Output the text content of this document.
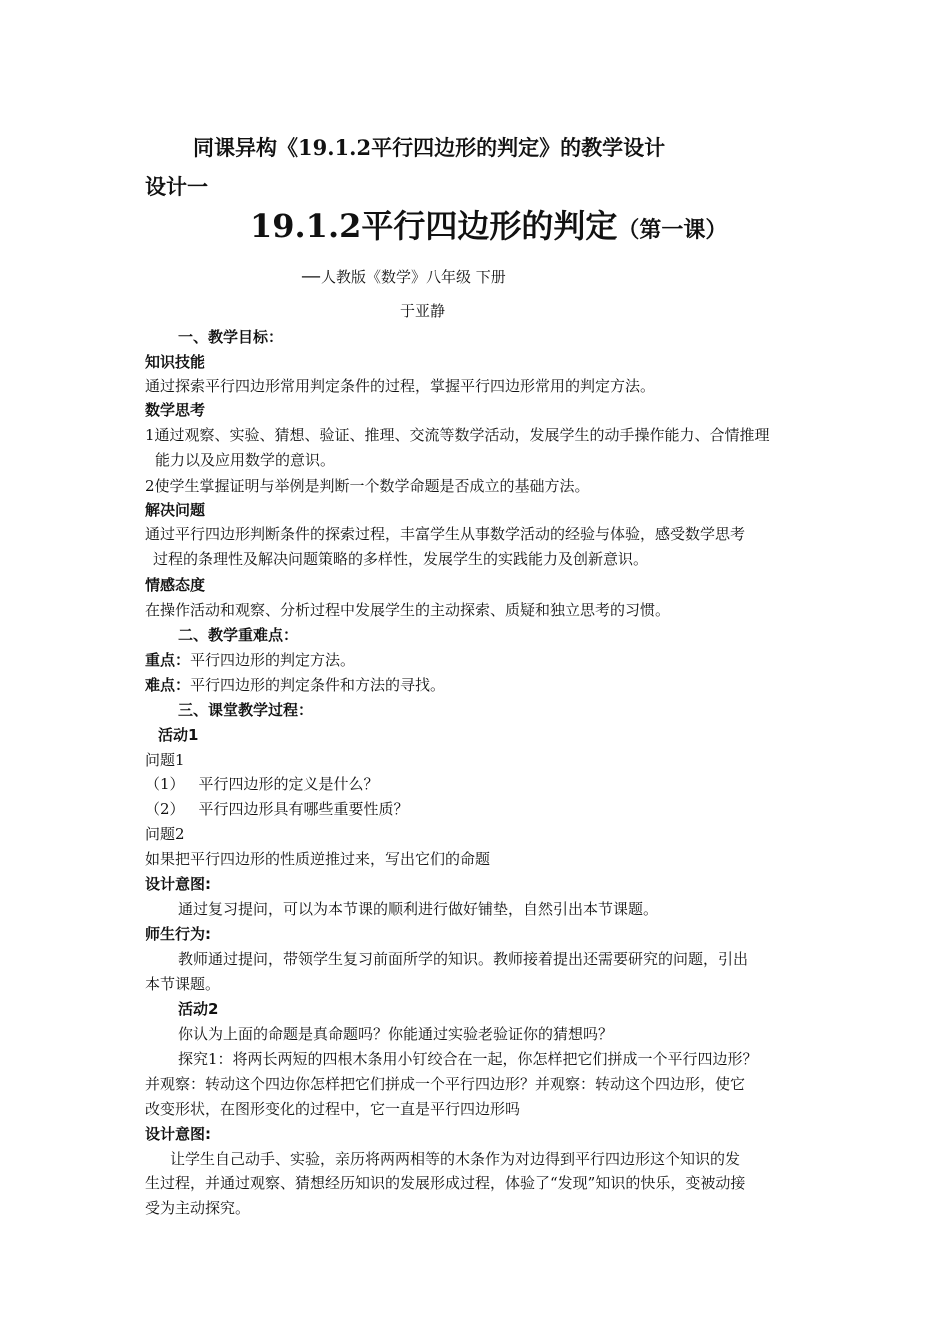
同课异构《19.1.2平行四边形的判定》的教学设计
设计一
19.1.2平行四边形的判定（第一课）
—人教版《数学》八年级 下册
于亚静
一、教学目标：
知识技能
通过探索平行四边形常用判定条件的过程，掌握平行四边形常用的判定方法。
数学思考
1通过观察、实验、猜想、验证、推理、交流等数学活动，发展学生的动手操作能力、合情推理
能力以及应用数学的意识。
2使学生掌握证明与举例是判断一个数学命题是否成立的基础方法。
解决问题
通过平行四边形判断条件的探索过程，丰富学生从事数学活动的经验与体验，感受数学思考
过程的条理性及解决问题策略的多样性，发展学生的实践能力及创新意识。
情感态度
在操作活动和观察、分析过程中发展学生的主动探索、质疑和独立思考的习惯。
二、教学重难点：
重点：平行四边形的判定方法。
难点：平行四边形的判定条件和方法的寻找。
三、课堂教学过程：
活动1
问题1
（1） 平行四边形的定义是什么？
（2） 平行四边形具有哪些重要性质？
问题2
如果把平行四边形的性质逆推过来，写出它们的命题
设计意图:
通过复习提问，可以为本节课的顺利进行做好铺垫，自然引出本节课题。
师生行为:
教师通过提问，带领学生复习前面所学的知识。教师接着提出还需要研究的问题，引出
本节课题。
活动2
你认为上面的命题是真命题吗？你能通过实验老验证你的猜想吗？
探究1：将两长两短的四根木条用小钉绞合在一起，你怎样把它们拼成一个平行四边形？
并观察：转动这个四边你怎样把它们拼成一个平行四边形？并观察：转动这个四边形，使它
改变形状，在图形变化的过程中，它一直是平行四边形吗
设计意图:
让学生自己动手、实验，亲历将两两相等的木条作为对边得到平行四边形这个知识的发
生过程，并通过观察、猜想经历知识的发展形成过程，体验了“发现”知识的快乐，变被动接
受为主动探究。
